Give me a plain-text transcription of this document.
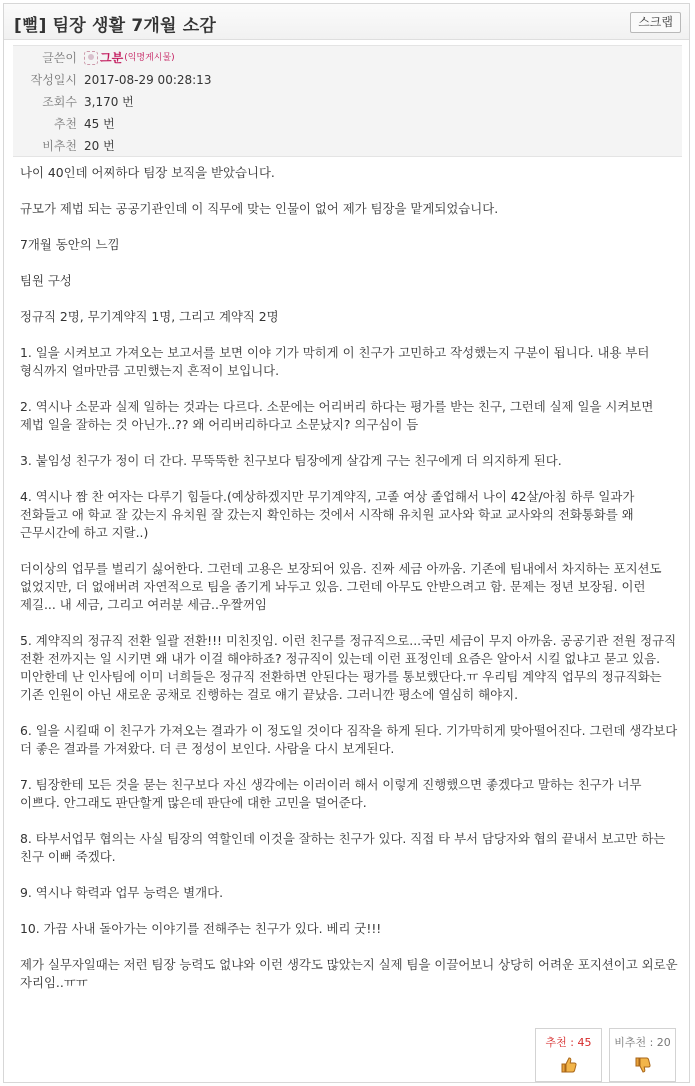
[뻘] 팀장 생활 7개월 소감	스크랩
글쓴이 그분 (익명게시물)
작성일시 2017-08-29 00:28:13
조회수 3,170 번
추천 45 번
비추천 20 번

나이 40인데 어찌하다 팀장 보직을 받았습니다.

규모가 제법 되는 공공기관인데 이 직무에 맞는 인물이 없어 제가 팀장을 맡게되었습니다.

7개월 동안의 느낌

팀원 구성

정규직 2명, 무기계약직 1명, 그리고 계약직 2명

1. 일을 시켜보고 가져오는 보고서를 보면 이야 기가 막히게 이 친구가 고민하고 작성했는지 구분이 됩니다. 내용 부터 형식까지 얼마만큼 고민했는지 흔적이 보입니다.

2. 역시나 소문과 실제 일하는 것과는 다르다. 소문에는 어리버리 하다는 평가를 받는 친구, 그런데 실제 일을 시켜보면 제법 일을 잘하는 것 아닌가..?? 왜 어리버리하다고 소문났지? 의구심이 듬

3. 붙임성 친구가 정이 더 간다. 무뚝뚝한 친구보다 팀장에게 살갑게 구는 친구에게 더 의지하게 된다.

4. 역시나 짬 찬 여자는 다루기 힘들다.(예상하겠지만 무기계약직, 고졸 여상 졸업해서 나이 42살/아침 하루 일과가 전화들고 애 학교 잘 갔는지 유치원 잘 갔는지 확인하는 것에서 시작해 유치원 교사와 학교 교사와의 전화통화를 왜 근무시간에 하고 지랄..)

더이상의 업무를 벌리기 싫어한다. 그런데 고용은 보장되어 있음. 진짜 세금 아까움. 기존에 팀내에서 차지하는 포지션도 없었지만, 더 없애버려 자연적으로 팀을 좀기게 놔두고 있음. 그런데 아무도 안받으려고 함. 문제는 정년 보장됨. 이런 제길... 내 세금, 그리고 여러분 세금..우짤꺼임

5. 계약직의 정규직 전환 일괄 전환!!! 미친짓임. 이런 친구를 정규직으로...국민 세금이 무지 아까움. 공공기관 전원 정규직 전환 전까지는 일 시키면 왜 내가 이걸 해야하죠? 정규직이 있는데 이런 표정인데 요즘은 알아서 시킬 없냐고 묻고 있음. 미안한데 난 인사팀에 이미 너희들은 정규직 전환하면 안된다는 평가를 통보했단다.ㅠ 우리팀 계약직 업무의 정규직화는 기존 인원이 아닌 새로운 공채로 진행하는 걸로 얘기 끝났음. 그러니깐 평소에 열심히 해야지.

6. 일을 시킬때 이 친구가 가져오는 결과가 이 정도일 것이다 짐작을 하게 된다. 기가막히게 맞아떨어진다. 그런데 생각보다 더 좋은 결과를 가져왔다. 더 큰 정성이 보인다. 사람을 다시 보게된다.

7. 팀장한테 모든 것을 묻는 친구보다 자신 생각에는 이러이러 해서 이렇게 진행했으면 좋겠다고 말하는 친구가 너무 이쁘다. 안그래도 판단할게 많은데 판단에 대한 고민을 덜어준다.

8. 타부서업무 협의는 사실 팀장의 역할인데 이것을 잘하는 친구가 있다. 직접 타 부서 담당자와 협의 끝내서 보고만 하는 친구 이뻐 죽겠다.

9. 역시나 학력과 업무 능력은 별개다.

10. 가끔 사내 돌아가는 이야기를 전해주는 친구가 있다. 베리 굿!!!

제가 실무자일때는 저런 팀장 능력도 없냐와 이런 생각도 많았는지 실제 팀을 이끌어보니 상당히 어려운 포지션이고 외로운 자리임..ㅠㅠ

추천 : 45	비추천 : 20
